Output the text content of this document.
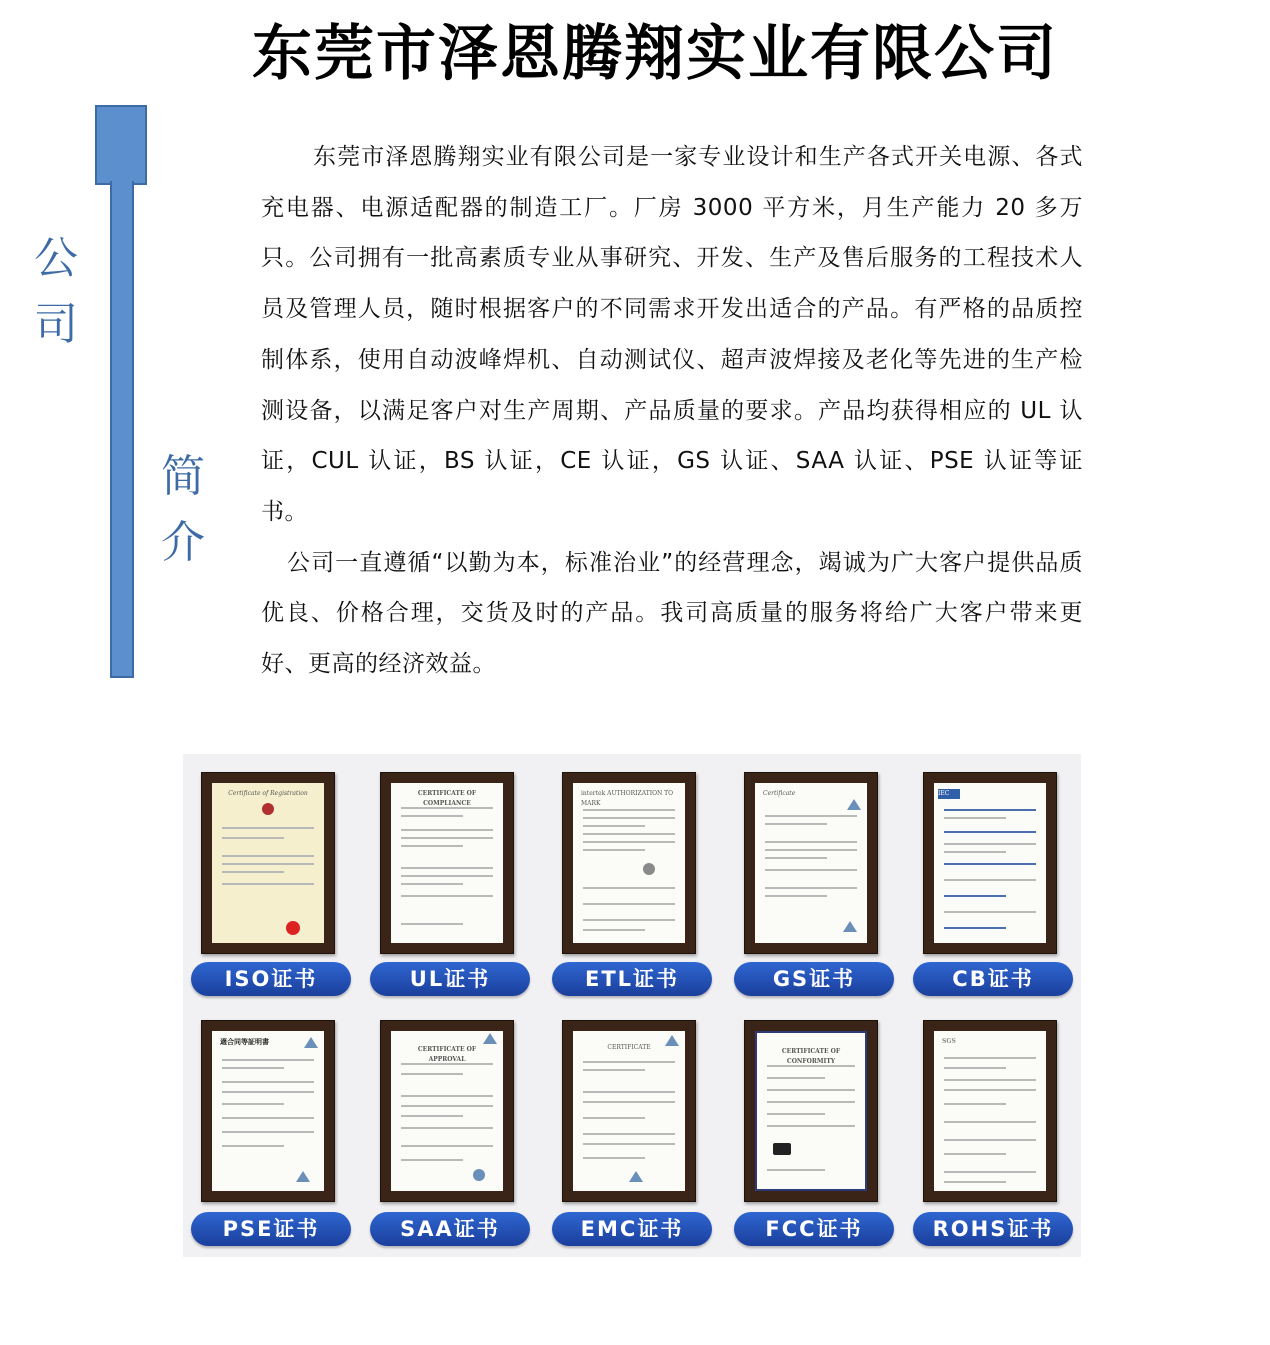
东莞市泽恩腾翔实业有限公司
公
司
简
介

东莞市泽恩腾翔实业有限公司是一家专业设计和生产各式开关电源、各式充电器、电源适配器的制造工厂。厂房 3000 平方米，月生产能力 20 多万只。公司拥有一批高素质专业从事研究、开发、生产及售后服务的工程技术人员及管理人员，随时根据客户的不同需求开发出适合的产品。有严格的品质控制体系，使用自动波峰焊机、自动测试仪、超声波焊接及老化等先进的生产检测设备，以满足客户对生产周期、产品质量的要求。产品均获得相应的 UL 认证，CUL 认证，BS 认证，CE 认证，GS 认证、SAA 认证、PSE 认证等证书。

公司一直遵循“以勤为本，标准治业”的经营理念，竭诚为广大客户提供品质优良、价格合理，交货及时的产品。我司高质量的服务将给广大客户带来更好、更高的经济效益。

Certificate of Registration
ISO证书
CERTIFICATE OF COMPLIANCE
UL证书
intertek AUTHORIZATION TO MARK
ETL证书
Certificate
GS证书
IEC
CB证书
適合同等証明書
PSE证书
CERTIFICATE OF APPROVAL
SAA证书
CERTIFICATE
EMC证书
CERTIFICATE OF CONFORMITY
FCC证书
SGS
ROHS证书
